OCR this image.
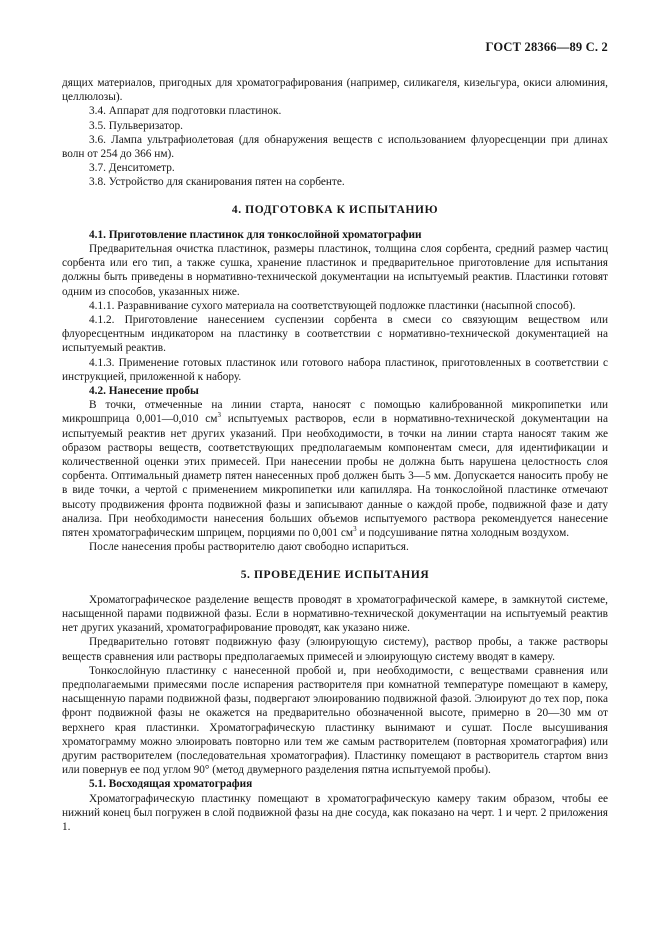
ГОСТ 28366—89 С. 2

дящих материалов, пригодных для хроматографирования (например, силикагеля, кизельгура, окиси алюминия, целлюлозы).

3.4. Аппарат для подготовки пластинок.

3.5. Пульверизатор.

3.6. Лампа ультрафиолетовая (для обнаружения веществ с использованием флуоресценции при длинах волн от 254 до 366 нм).

3.7. Денситометр.

3.8. Устройство для сканирования пятен на сорбенте.

4. ПОДГОТОВКА К ИСПЫТАНИЮ

4.1. Приготовление пластинок для тонкослойной хроматографии

Предварительная очистка пластинок, размеры пластинок, толщина слоя сорбента, средний размер частиц сорбента или его тип, а также сушка, хранение пластинок и предварительное приготовление для испытания должны быть приведены в нормативно-технической документации на испытуемый реактив. Пластинки готовят одним из способов, указанных ниже.

4.1.1. Разравнивание сухого материала на соответствующей подложке пластинки (насыпной способ).

4.1.2. Приготовление нанесением суспензии сорбента в смеси со связующим веществом или флуоресцентным индикатором на пластинку в соответствии с нормативно-технической документацией на испытуемый реактив.

4.1.3. Применение готовых пластинок или готового набора пластинок, приготовленных в соответствии с инструкцией, приложенной к набору.

4.2. Нанесение пробы

В точки, отмеченные на линии старта, наносят с помощью калиброванной микропипетки или микрошприца 0,001—0,010 $см^3$ испытуемых растворов, если в нормативно-технической документации на испытуемый реактив нет других указаний. При необходимости, в точки на линии старта наносят таким же образом растворы веществ, соответствующих предполагаемым компонентам смеси, для идентификации и количественной оценки этих примесей. При нанесении пробы не должна быть нарушена целостность слоя сорбента. Оптимальный диаметр пятен нанесенных проб должен быть 3—5 мм. Допускается наносить пробу не в виде точки, а чертой с применением микропипетки или капилляра. На тонкослойной пластинке отмечают высоту продвижения фронта подвижной фазы и записывают данные о каждой пробе, подвижной фазе и дату анализа. При необходимости нанесения больших объемов испытуемого раствора рекомендуется нанесение пятен хроматографическим шприцем, порциями по 0,001 $см^3$ и подсушивание пятна холодным воздухом.

После нанесения пробы растворителю дают свободно испариться.

5. ПРОВЕДЕНИЕ ИСПЫТАНИЯ

Хроматографическое разделение веществ проводят в хроматографической камере, в замкнутой системе, насыщенной парами подвижной фазы. Если в нормативно-технической документации на испытуемый реактив нет других указаний, хроматографирование проводят, как указано ниже.

Предварительно готовят подвижную фазу (элюирующую систему), раствор пробы, а также растворы веществ сравнения или растворы предполагаемых примесей и элюирующую систему вводят в камеру.

Тонкослойную пластинку с нанесенной пробой и, при необходимости, с веществами сравнения или предполагаемыми примесями после испарения растворителя при комнатной температуре помещают в камеру, насыщенную парами подвижной фазы, подвергают элюированию подвижной фазой. Элюируют до тех пор, пока фронт подвижной фазы не окажется на предварительно обозначенной высоте, примерно в 20—30 мм от верхнего края пластинки. Хроматографическую пластинку вынимают и сушат. После высушивания хроматограмму можно элюировать повторно или тем же самым растворителем (повторная хроматография) или другим растворителем (последовательная хроматография). Пластинку помещают в растворитель стартом вниз или повернув ее под углом 90° (метод двумерного разделения пятна испытуемой пробы).

5.1. Восходящая хроматография

Хроматографическую пластинку помещают в хроматографическую камеру таким образом, чтобы ее нижний конец был погружен в слой подвижной фазы на дне сосуда, как показано на черт. 1 и черт. 2 приложения 1.
